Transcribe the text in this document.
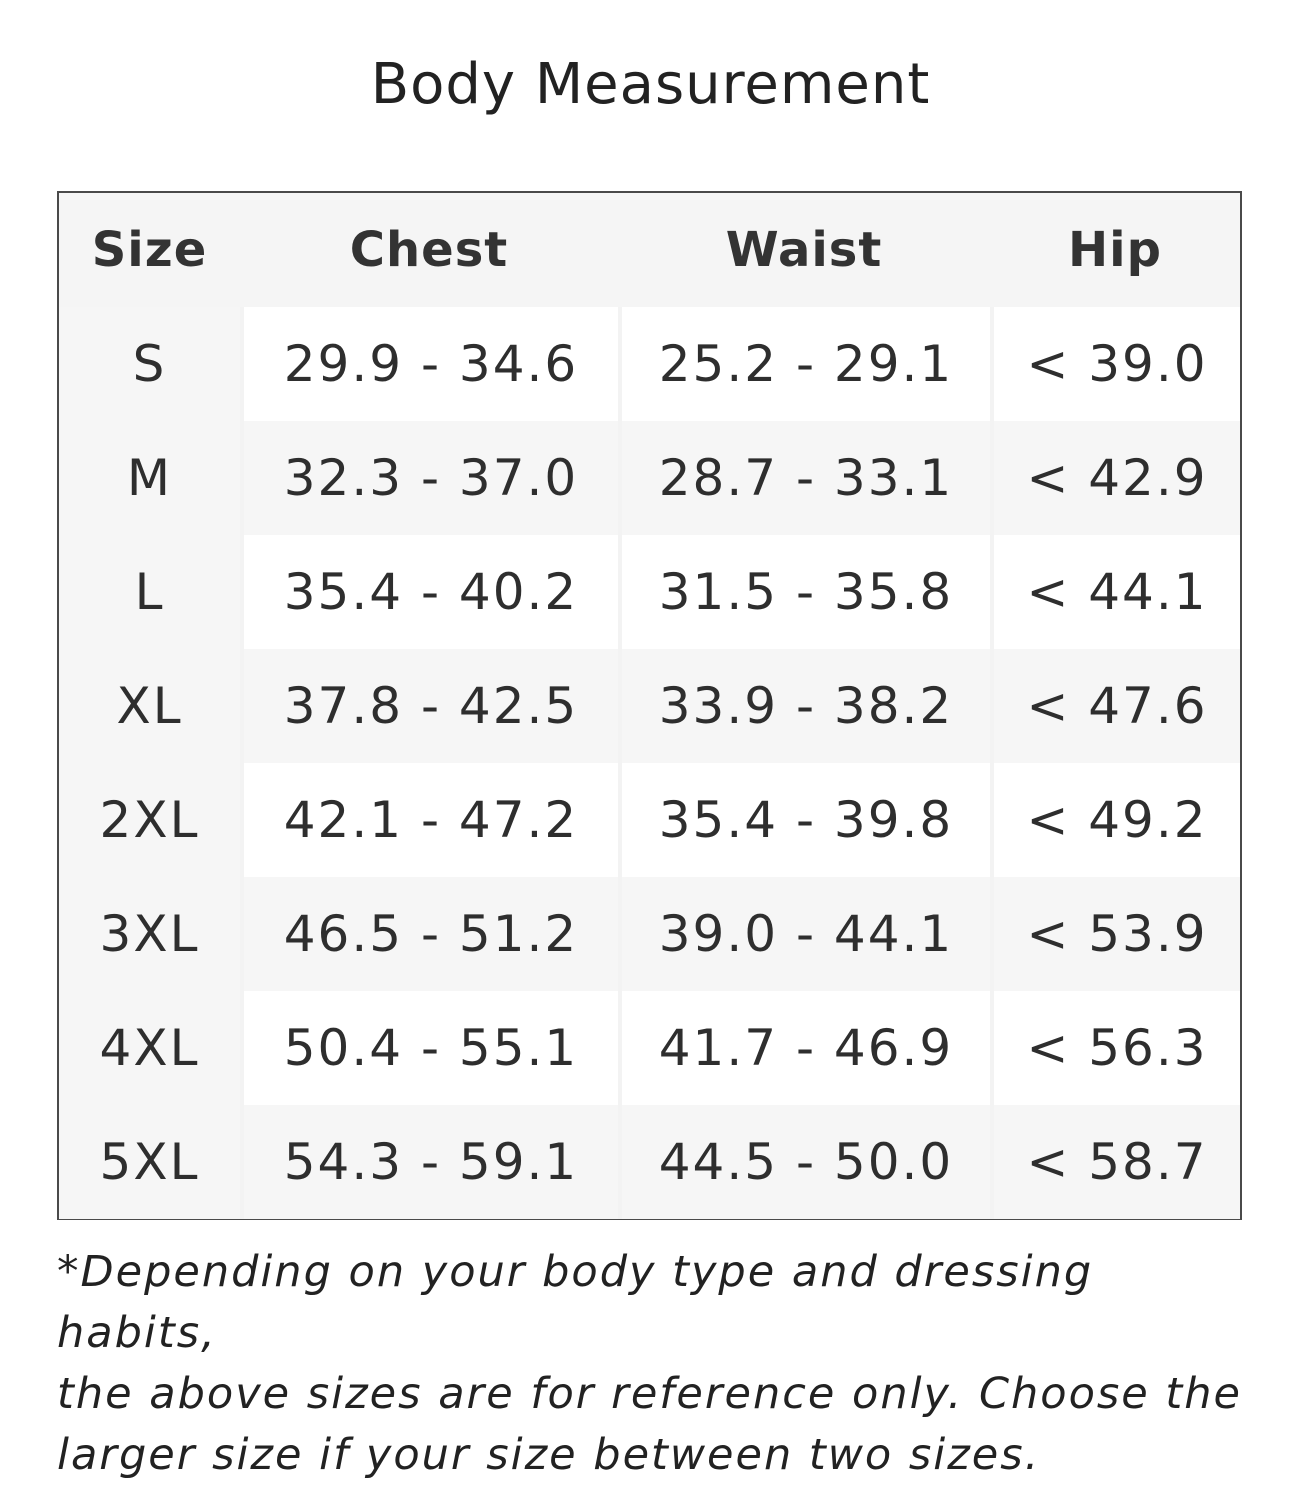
Body Measurement
Size	Chest	Waist	Hip
S	29.9 - 34.6	25.2 - 29.1	< 39.0
M	32.3 - 37.0	28.7 - 33.1	< 42.9
L	35.4 - 40.2	31.5 - 35.8	< 44.1
XL	37.8 - 42.5	33.9 - 38.2	< 47.6
2XL	42.1 - 47.2	35.4 - 39.8	< 49.2
3XL	46.5 - 51.2	39.0 - 44.1	< 53.9
4XL	50.4 - 55.1	41.7 - 46.9	< 56.3
5XL	54.3 - 59.1	44.5 - 50.0	< 58.7
*Depending on your body type and dressing habits,
the above sizes are for reference only. Choose the
larger size if your size between two sizes.
